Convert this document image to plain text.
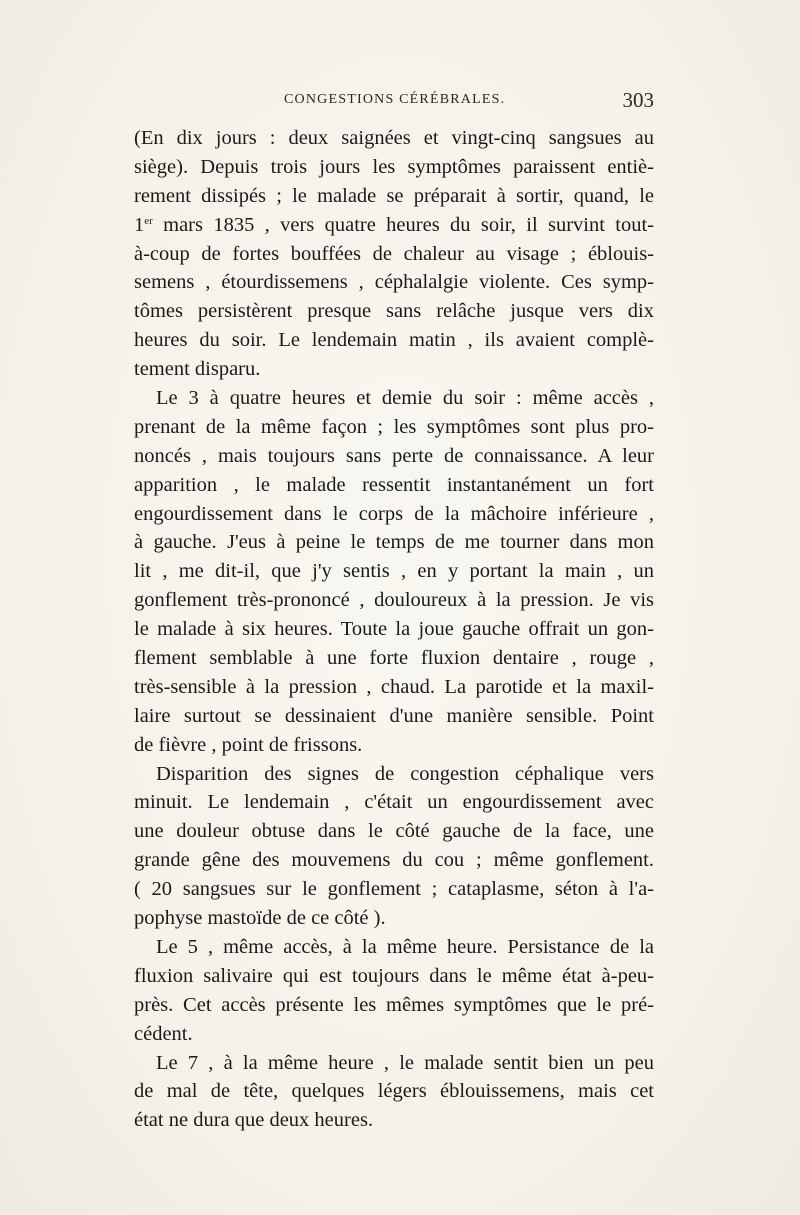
CONGESTIONS CÉRÉBRALES.	303
(En dix jours : deux saignées et vingt-cinq sangsues au
siège). Depuis trois jours les symptômes paraissent entiè-
rement dissipés ; le malade se préparait à sortir, quand, le
1er mars 1835 , vers quatre heures du soir, il survint tout-
à-coup de fortes bouffées de chaleur au visage ; éblouis-
semens , étourdissemens , céphalalgie violente. Ces symp-
tômes persistèrent presque sans relâche jusque vers dix
heures du soir. Le lendemain matin , ils avaient complè-
tement disparu.
Le 3 à quatre heures et demie du soir : même accès ,
prenant de la même façon ; les symptômes sont plus pro-
noncés , mais toujours sans perte de connaissance. A leur
apparition , le malade ressentit instantanément un fort
engourdissement dans le corps de la mâchoire inférieure ,
à gauche. J'eus à peine le temps de me tourner dans mon
lit , me dit-il, que j'y sentis , en y portant la main , un
gonflement très-prononcé , douloureux à la pression. Je vis
le malade à six heures. Toute la joue gauche offrait un gon-
flement semblable à une forte fluxion dentaire , rouge ,
très-sensible à la pression , chaud. La parotide et la maxil-
laire surtout se dessinaient d'une manière sensible. Point
de fièvre , point de frissons.
Disparition des signes de congestion céphalique vers
minuit. Le lendemain , c'était un engourdissement avec
une douleur obtuse dans le côté gauche de la face, une
grande gêne des mouvemens du cou ; même gonflement.
( 20 sangsues sur le gonflement ; cataplasme, séton à l'a-
pophyse mastoïde de ce côté ).
Le 5 , même accès, à la même heure. Persistance de la
fluxion salivaire qui est toujours dans le même état à-peu-
près. Cet accès présente les mêmes symptômes que le pré-
cédent.
Le 7 , à la même heure , le malade sentit bien un peu
de mal de tête, quelques légers éblouissemens, mais cet
état ne dura que deux heures.
